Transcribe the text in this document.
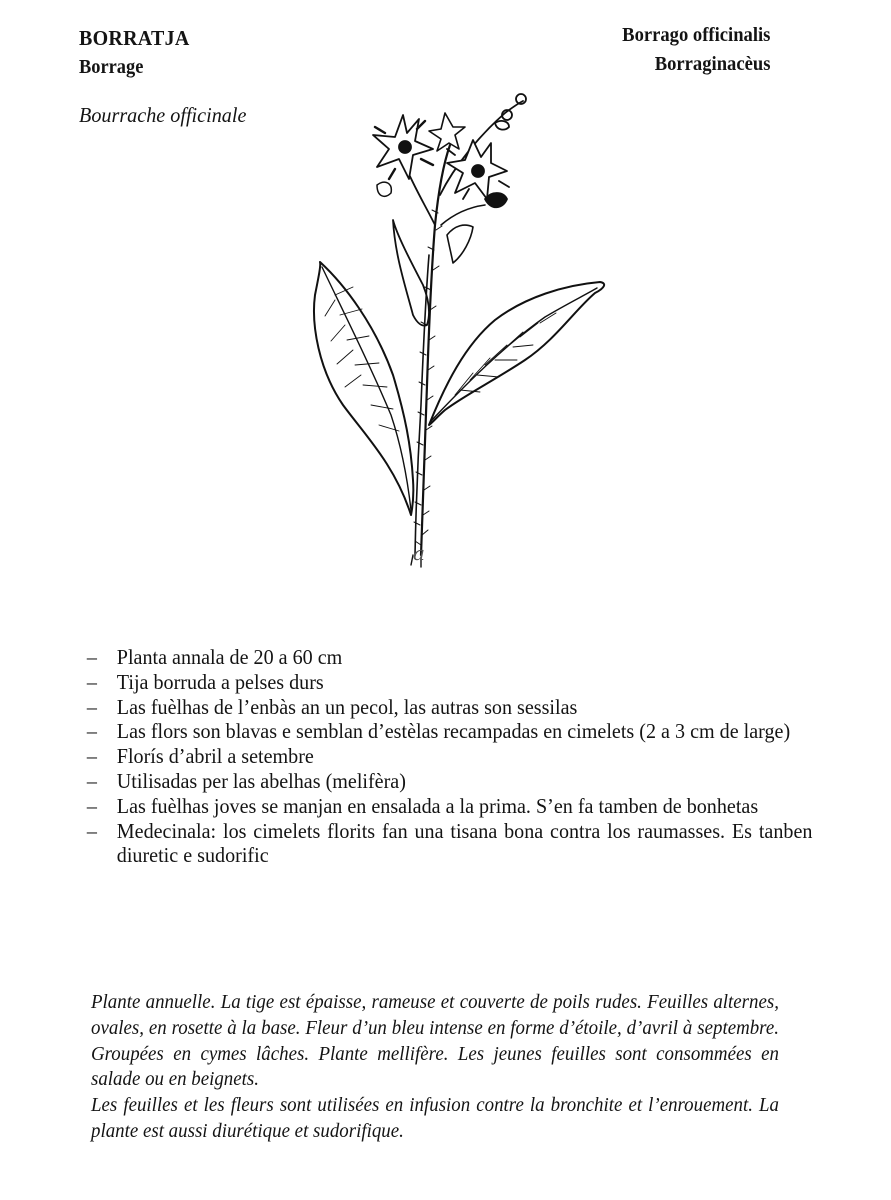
BORRATJA
Borrage
Bourrache officinale
Borrago officinalis
Borraginacèus
a
– Planta annala de 20 a 60 cm
– Tija borruda a pelses durs
– Las fuèlhas de l’enbàs an un pecol, las autras son sessilas
– Las flors son blavas e semblan d’estèlas recampadas en cimelets (2 a 3 cm de large)
– Florís d’abril a setembre
– Utilisadas per las abelhas (melifèra)
– Las fuèlhas joves se manjan en ensalada a la prima. S’en fa tamben de bonhetas
– Medecinala: los cimelets florits fan una tisana bona contra los raumasses. Es tanben diuretic e sudorific

Plante annuelle. La tige est épaisse, rameuse et couverte de poils rudes. Feuilles alternes, ovales, en rosette à la base. Fleur d’un bleu intense en forme d’étoile, d’avril à septembre. Groupées en cymes lâches. Plante mellifère. Les jeunes feuilles sont consommées en salade ou en beignets.

Les feuilles et les fleurs sont utilisées en infusion contre la bronchite et l’enrouement. La plante est aussi diurétique et sudorifique.
